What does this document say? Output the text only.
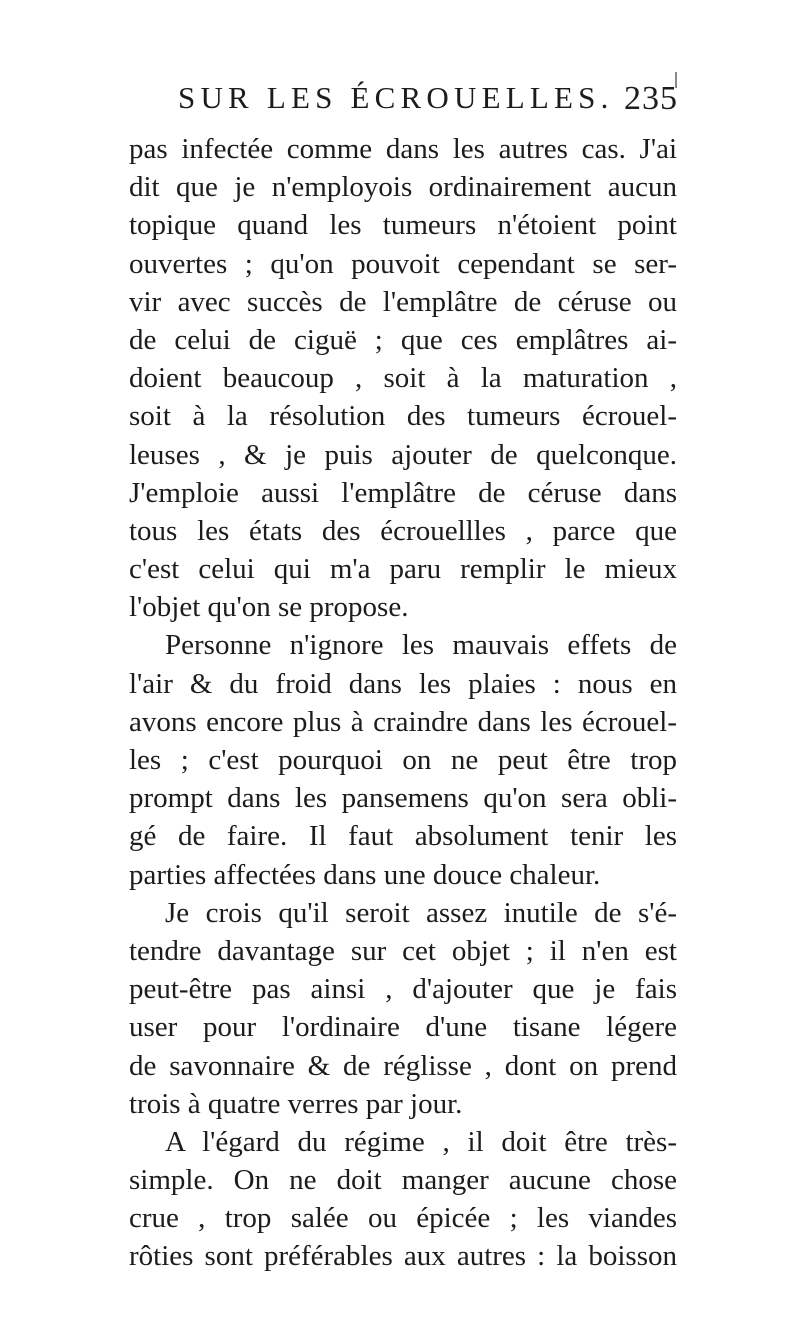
SUR LES ÉCROUELLES. 235
pas infectée comme dans les autres cas. J'ai
dit que je n'employois ordinairement aucun
topique quand les tumeurs n'étoient point
ouvertes ; qu'on pouvoit cependant se ser-
vir avec succès de l'emplâtre de céruse ou
de celui de ciguë ; que ces emplâtres ai-
doient beaucoup , soit à la maturation ,
soit à la résolution des tumeurs écrouel-
leuses , & je puis ajouter de quelconque.
J'emploie aussi l'emplâtre de céruse dans
tous les états des écrouellles , parce que
c'est celui qui m'a paru remplir le mieux
l'objet qu'on se propose.
Personne n'ignore les mauvais effets de
l'air & du froid dans les plaies : nous en
avons encore plus à craindre dans les écrouel-
les ; c'est pourquoi on ne peut être trop
prompt dans les pansemens qu'on sera obli-
gé de faire. Il faut absolument tenir les
parties affectées dans une douce chaleur.
Je crois qu'il seroit assez inutile de s'é-
tendre davantage sur cet objet ; il n'en est
peut-être pas ainsi , d'ajouter que je fais
user pour l'ordinaire d'une tisane légere
de savonnaire & de réglisse , dont on prend
trois à quatre verres par jour.
A l'égard du régime , il doit être très-
simple. On ne doit manger aucune chose
crue , trop salée ou épicée ; les viandes
rôties sont préférables aux autres : la boisson
